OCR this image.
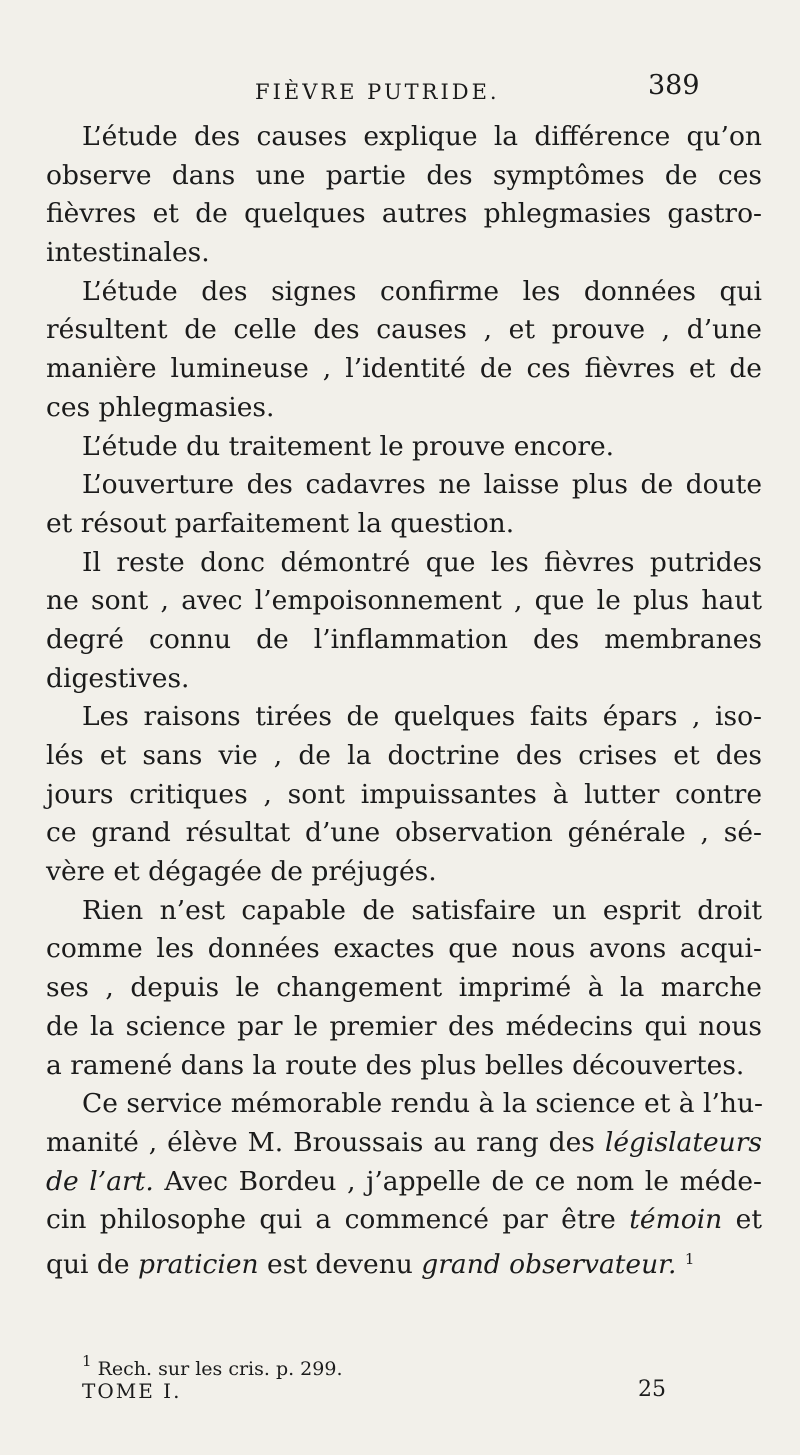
FIÈVRE PUTRIDE.	389
L’étude des causes explique la différence qu’on
observe dans une partie des symptômes de ces
fièvres et de quelques autres phlegmasies gastro-
intestinales.
L’étude des signes confirme les données qui
résultent de celle des causes , et prouve , d’une
manière lumineuse , l’identité de ces fièvres et de
ces phlegmasies.
L’étude du traitement le prouve encore.
L’ouverture des cadavres ne laisse plus de doute
et résout parfaitement la question.
Il reste donc démontré que les fièvres putrides
ne sont , avec l’empoisonnement , que le plus haut
degré connu de l’inflammation des membranes
digestives.
Les raisons tirées de quelques faits épars , iso-
lés et sans vie , de la doctrine des crises et des
jours critiques , sont impuissantes à lutter contre
ce grand résultat d’une observation générale , sé-
vère et dégagée de préjugés.
Rien n’est capable de satisfaire un esprit droit
comme les données exactes que nous avons acqui-
ses , depuis le changement imprimé à la marche
de la science par le premier des médecins qui nous
a ramené dans la route des plus belles découvertes.
Ce service mémorable rendu à la science et à l’hu-
manité , élève M. Broussais au rang des législateurs
de l’art. Avec Bordeu , j’appelle de ce nom le méde-
cin philosophe qui a commencé par être témoin et
qui de praticien est devenu grand observateur. $^1$
$^1$ Rech. sur les cris. p. 299.
TOME I.	25
